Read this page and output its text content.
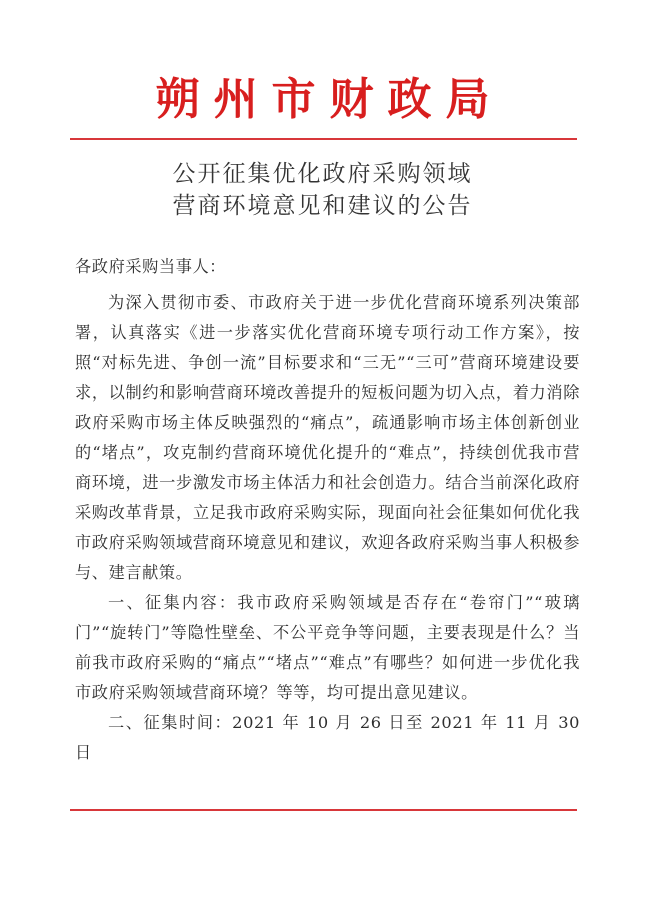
朔州市财政局
公开征集优化政府采购领域
营商环境意见和建议的公告

各政府采购当事人：

为深入贯彻市委、市政府关于进一步优化营商环境系列决策部署，认真落实《进一步落实优化营商环境专项行动工作方案》，按照“对标先进、争创一流”目标要求和“三无”“三可”营商环境建设要求，以制约和影响营商环境改善提升的短板问题为切入点，着力消除政府采购市场主体反映强烈的“痛点”，疏通影响市场主体创新创业的“堵点”，攻克制约营商环境优化提升的“难点”，持续创优我市营商环境，进一步激发市场主体活力和社会创造力。结合当前深化政府采购改革背景，立足我市政府采购实际，现面向社会征集如何优化我市政府采购领域营商环境意见和建议，欢迎各政府采购当事人积极参与、建言献策。

一、征集内容：我市政府采购领域是否存在“卷帘门”“玻璃门”“旋转门”等隐性壁垒、不公平竞争等问题，主要表现是什么？当前我市政府采购的“痛点”“堵点”“难点”有哪些？如何进一步优化我市政府采购领域营商环境？等等，均可提出意见建议。

二、征集时间：2021 年 10 月 26 日至 2021 年 11 月 30 日
